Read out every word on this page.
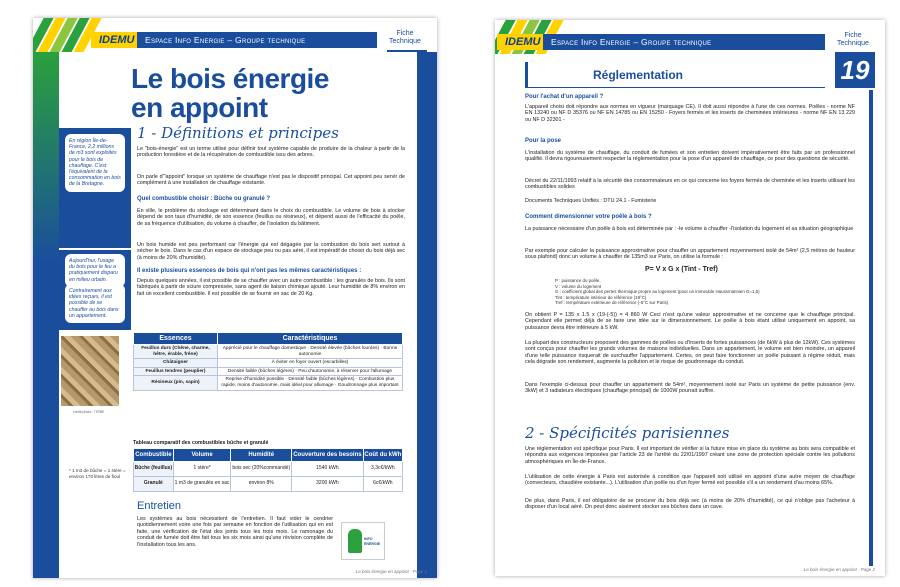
IDEMU	Espace Info Energie – Groupe technique
Fiche Technique
Le bois énergie
en appoint
1 - Définitions et principes
En région Île-de-France, 2,2 millions de m3 sont exploités pour le bois de chauffage. C'est l'équivalent de la consommation en bois de la Bretagne.
Aujourd'hui, l'usage du bois pour le feu a pratiquement disparu en milieu urbain.
Contrairement aux idées reçues, il est possible de se chauffer au bois dans un appartement.
Le "bois-énergie" est un terme utilisé pour définir tout système capable de produire de la chaleur à partir de la production forestière et de la récupération de combustible issu des arbres.
On parle d'"appoint" lorsque un système de chauffage n'est pas le dispositif principal. Cet appoint peu servir de complément à une installation de chauffage existante.
Quel combustible choisir : Bûche ou granulé ?
En ville, le problème du stockage est déterminant dans le choix du combustible. Le volume de bois à stocker dépend de son taux d'humidité, de son essence (feuillus ou résineux), et dépend aussi de l'efficacité du poêle, de sa fréquence d'utilisation, du volume à chauffer, de l'isolation du bâtiment.
Un bois humide est peu performant car l'énergie qui est dégagée par la combustion du bois sert surtout à sécher le bois. Dans le cas d'un espace de stockage peu ou pas aéré, il est impératif de choisir du bois déjà sec (à moins de 20% d'humidité).
Il existe plusieurs essences de bois qui n'ont pas les mêmes caractéristiques :
Depuis quelques années, il est possible de se chauffer avec un autre combustible : les granulés de bois. Ils sont fabriqués à partir de sciure compressée, sans agent de liaison chimique ajouté. Leur humidité de 8% environ en fait un excellent combustible. Il est possible de se fournir en sac de 20 Kg.
Essences	Caractéristiques
Feuillus durs (Chêne, charme, hêtre, érable, frêne)	Apprécié pour le chauffage domestique · Densité élevée (bûches lourdes) · Bonne autonomie
Châtaigner	À éviter en foyer ouvert (escarbilles)
Feuillus tendres (peuplier)	Densité faible (bûches légères) · Peu d'autonomie, à réserver pour l'allumage
Résineux (pin, sapin)	Reprise d'humidité possible · Densité faible (bûches légères) · Combustion plus rapide, moins d'autonomie, mais idéal pour allumage · Goudronnage plus important
crédit photo : ITEBE
Tableau comparatif des combustibles bûche et granulé
Combustible	Volume	Humidité	Couverture des besoins	Coût du kWh
Bûche (feuillus)	1 stère*	bois sec (20%commandé)	1540 kWh	3,3c€/kWh
Granulé	1 m3 de granulés en sac	environ 8%	3200 kWh	6c€/kWh
* 1 m3 de bûche = 1 stère = environ 170 litres de fioul
Entretien
Les systèmes au bois nécessitent de l'entretien. Il faut vider le cendrier quotidiennement voire une fois par semaine en fonction de l'utilisation qui en est faite, une vérification de l'état des joints tous les trois mois. Le ramonage du conduit de fumée doit être fait tous les six mois ainsi qu'une révision complète de l'installation tous les ans.
INFO ÉNERGIE
Le bois énergie en appoint - Page 1
IDEMU	Espace Info Energie – Groupe technique
Fiche Technique
19
Réglementation
Pour l'achat d'un appareil ?
L'appareil choisi doit répondre aux normes en vigueur (marquage CE). Il doit aussi répondre à l'une de ces normes. Poêles - norme NF EN 13240 ou NF D 35376 ou NF EN 14785 ou EN 15250 - Foyers fermés et les inserts de cheminées intérieures - norme NF EN 13 229 ou NF D 32301 -
Pour la pose
L'installation du système de chauffage, du conduit de fumées et son entretien doivent impérativement être faits par un professionnel qualifié. Il devra rigoureusement respecter la réglementation pour la pose d'un appareil de chauffage, ce pour des questions de sécurité.
Décret du 22/11/1993 relatif à la sécurité des consommateurs en ce qui concerne les foyers fermés de cheminée et les inserts utilisant les combustibles solides
Documents Techniques Unifiés : DTU 24.1 - Fumisterie
Comment dimensionner votre poêle à bois ?
La puissance nécessaire d'un poêle à bois est déterminée par : -le volume à chauffer -l'isolation du logement et sa situation géographique
Par exemple pour calculer la puissance approximative pour chauffer un appartement moyennement isolé de 54m² (2,5 mètres de hauteur sous plafond) donc un volume à chauffer de 135m3 sur Paris, on utilise la formule :
P= V x G x (Tint - Tref)
P : puissance du poêle,
V : volume du logement
G : coefficient global des pertes thermique propre au logement (pour un immeuble Haussmannien G=1,5)
Tint : température intérieur de référence (19°C)
Tref : température extérieure de référence (-5°C sur Paris)
On obtient P = 135 x 1.5 x (19-(-5)) = 4 860 W Ceci n'est qu'une valeur approximative et ne concerne que le chauffage principal. Cependant elle permet déjà de se faire une idée sur le dimensionnement. Le poêle à bois étant utilisé uniquement en appoint, sa puissance devra être inférieure à 5 kW.
La plupart des constructeurs proposent des gammes de poêles ou d'inserts de fortes puissances (de 6kW à plus de 12kW). Ces systèmes sont conçus pour chauffer les grands volumes de maisons individuelles. Dans un appartement, le volume est bien moindre, un appareil d'une telle puissance risquerait de surchauffer l'appartement. Certes, on peut faire fonctionner un poêle puissant à régime réduit, mais cela dégrade son rendement, augmente la pollution et le risque de goudronnage du conduit.
Dans l'exemple ci-dessus pour chauffer un appartement de 54m², moyennement isolé sur Paris un système de petite puissance (env. 3kW) et 3 radiateurs électriques (chauffage principal) de 1000W pourrait suffire.
2 - Spécificités parisiennes
Une réglementation est spécifique pour Paris. Il est important de vérifier si la future mise en place du système au bois sera compatible et répondra aux exigences imposées par l'article 23 de l'arrêté du 22/01/1997 créant une zone de protection spéciale contre les pollutions atmosphériques en Île-de-France.
L'utilisation de cette énergie à Paris est autorisée à condition que l'appareil soit utilisé en appoint d'une autre moyen de chauffage (convecteurs, chaudière existante...). L'utilisation d'un poêle ou d'un foyer fermé est possible s'il a un rendement d'au moins 65%.
De plus, dans Paris, il est obligatoire de se procurer du bois déjà sec (à moins de 20% d'humidité), ce qui n'oblige pas l'acheteur à disposer d'un local aéré. On peut donc aisément stocker ses bûches dans un cave.
Le bois énergie en appoint - Page 2
